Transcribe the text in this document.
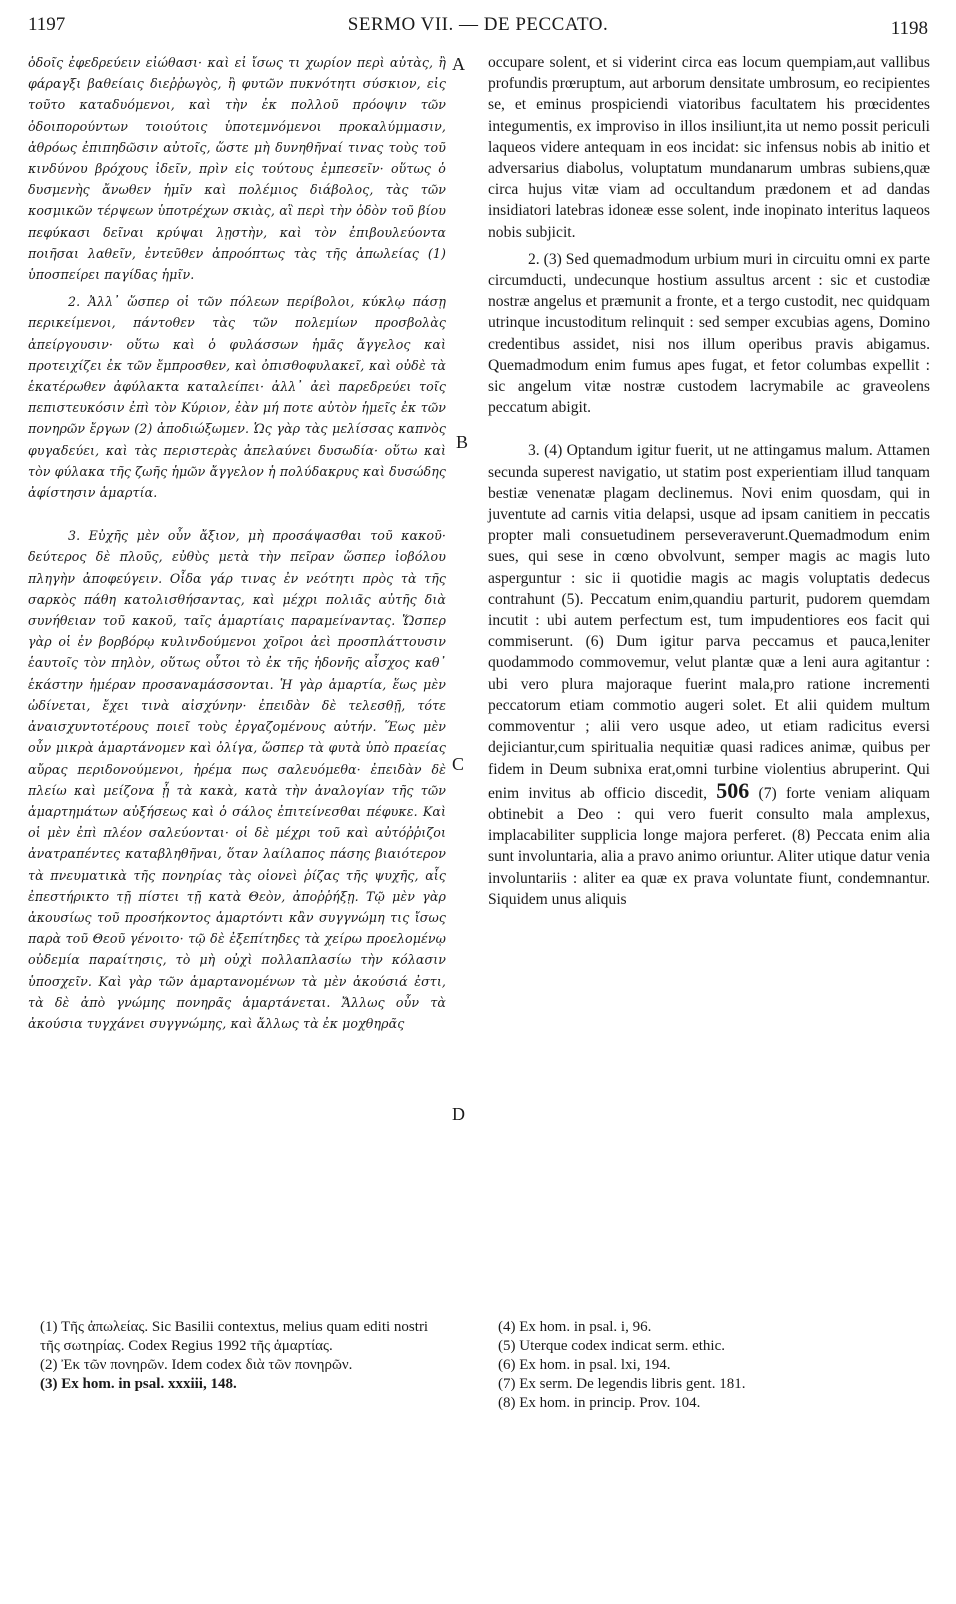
1197	SERMO VII. — DE PECCATO.	1198

ὁδοῖς ἐφεδρεύειν εἰώθασι· καὶ εἰ ἴσως τι χωρίον περὶ αὐτὰς, ἢ φάραγξι βαθείαις διεῤῥωγὸς, ἢ φυτῶν πυκνότητι σύσκιον, εἰς τοῦτο καταδυόμενοι, καὶ τὴν ἐκ πολλοῦ πρόοψιν τῶν ὁδοιπορούντων τοιούτοις ὑποτεμνόμενοι προκαλύμμασιν, ἀθρόως ἐπιπηδῶσιν αὐτοῖς, ὥστε μὴ δυνηθῆναί τινας τοὺς τοῦ κινδύνου βρόχους ἰδεῖν, πρὶν εἰς τούτους ἐμπεσεῖν· οὕτως ὁ δυσμενὴς ἄνωθεν ἡμῖν καὶ πολέμιος διάβολος, τὰς τῶν κοσμικῶν τέρψεων ὑποτρέχων σκιὰς, αἳ περὶ τὴν ὁδὸν τοῦ βίου πεφύκασι δεῖναι κρύψαι λῃστὴν, καὶ τὸν ἐπιβουλεύοντα ποιῆσαι λαθεῖν, ἐντεῦθεν ἀπροόπτως τὰς τῆς ἀπωλείας (1) ὑποσπείρει παγίδας ἡμῖν.

2. Ἀλλ᾽ ὥσπερ οἱ τῶν πόλεων περίβολοι, κύκλῳ πάσῃ περικείμενοι, πάντοθεν τὰς τῶν πολεμίων προσβολὰς ἀπείργουσιν· οὕτω καὶ ὁ φυλάσσων ἡμᾶς ἄγγελος καὶ προτειχίζει ἐκ τῶν ἔμπροσθεν, καὶ ὀπισθοφυλακεῖ, καὶ οὐδὲ τὰ ἑκατέρωθεν ἀφύλακτα καταλείπει· ἀλλ᾽ ἀεὶ παρεδρεύει τοῖς πεπιστευκόσιν ἐπὶ τὸν Κύριον, ἐὰν μή ποτε αὐτὸν ἡμεῖς ἐκ τῶν πονηρῶν ἔργων (2) ἀποδιώξωμεν. Ὡς γὰρ τὰς μελίσσας καπνὸς φυγαδεύει, καὶ τὰς περιστερὰς ἀπελαύνει δυσωδία· οὕτω καὶ τὸν φύλακα τῆς ζωῆς ἡμῶν ἄγγελον ἡ πολύδακρυς καὶ δυσώδης ἀφίστησιν ἁμαρτία.

3. Εὐχῆς μὲν οὖν ἄξιον, μὴ προσάψασθαι τοῦ κακοῦ· δεύτερος δὲ πλοῦς, εὐθὺς μετὰ τὴν πεῖραν ὥσπερ ἰοβόλου πληγὴν ἀποφεύγειν. Οἶδα γάρ τινας ἐν νεότητι πρὸς τὰ τῆς σαρκὸς πάθη κατολισθήσαντας, καὶ μέχρι πολιᾶς αὐτῆς διὰ συνήθειαν τοῦ κακοῦ, ταῖς ἁμαρτίαις παραμείναντας. Ὥσπερ γὰρ οἱ ἐν βορβόρῳ κυλινδούμενοι χοῖροι ἀεὶ προσπλάττουσιν ἑαυτοῖς τὸν πηλὸν, οὕτως οὗτοι τὸ ἐκ τῆς ἡδονῆς αἶσχος καθ᾽ ἑκάστην ἡμέραν προσαναμάσσονται. Ἡ γὰρ ἁμαρτία, ἕως μὲν ὠδίνεται, ἔχει τινὰ αἰσχύνην· ἐπειδὰν δὲ τελεσθῇ, τότε ἀναισχυντοτέρους ποιεῖ τοὺς ἐργαζομένους αὐτήν. Ἕως μὲν οὖν μικρὰ ἁμαρτάνομεν καὶ ὀλίγα, ὥσπερ τὰ φυτὰ ὑπὸ πραείας αὔρας περιδονούμενοι, ἠρέμα πως σαλευόμεθα· ἐπειδὰν δὲ πλείω καὶ μείζονα ᾖ τὰ κακὰ, κατὰ τὴν ἀναλογίαν τῆς τῶν ἁμαρτημάτων αὐξήσεως καὶ ὁ σάλος ἐπιτείνεσθαι πέφυκε. Καὶ οἱ μὲν ἐπὶ πλέον σαλεύονται· οἱ δὲ μέχρι τοῦ καὶ αὐτόῤῥιζοι ἀνατραπέντες καταβληθῆναι, ὅταν λαίλαπος πάσης βιαιότερον τὰ πνευματικὰ τῆς πονηρίας τὰς οἱονεὶ ῥίζας τῆς ψυχῆς, αἷς ἐπεστήρικτο τῇ πίστει τῇ κατὰ Θεὸν, ἀποῤῥήξῃ. Τῷ μὲν γὰρ ἀκουσίως τοῦ προσήκοντος ἁμαρτόντι κἂν συγγνώμη τις ἴσως παρὰ τοῦ Θεοῦ γένοιτο· τῷ δὲ ἐξεπίτηδες τὰ χείρω προελομένῳ οὐδεμία παραίτησις, τὸ μὴ οὐχὶ πολλαπλασίω τὴν κόλασιν ὑποσχεῖν. Καὶ γὰρ τῶν ἁμαρτανομένων τὰ μὲν ἀκούσιά ἐστι, τὰ δὲ ἀπὸ γνώμης πονηρᾶς ἁμαρτάνεται. Ἄλλως οὖν τὰ ἀκούσια τυγχάνει συγγνώμης, καὶ ἄλλως τὰ ἐκ μοχθηρᾶς

A
B
C
D

occupare solent, et si viderint circa eas locum quempiam,aut vallibus profundis prœruptum, aut arborum densitate umbrosum, eo recipientes se, et eminus prospiciendi viatoribus facultatem his prœcidentes integumentis, ex improviso in illos insiliunt,ita ut nemo possit periculi laqueos videre antequam in eos incidat: sic infensus nobis ab initio et adversarius diabolus, voluptatum mundanarum umbras subiens,quæ circa hujus vitæ viam ad occultandum prædonem et ad dandas insidiatori latebras idoneæ esse solent, inde inopinato interitus laqueos nobis subjicit.

2. (3) Sed quemadmodum urbium muri in circuitu omni ex parte circumducti, undecunque hostium assultus arcent : sic et custodiæ nostræ angelus et præmunit a fronte, et a tergo custodit, nec quidquam utrinque incustoditum relinquit : sed semper excubias agens, Domino credentibus assidet, nisi nos illum operibus pravis abigamus. Quemadmodum enim fumus apes fugat, et fetor columbas expellit : sic angelum vitæ nostræ custodem lacrymabile ac graveolens peccatum abigit.

3. (4) Optandum igitur fuerit, ut ne attingamus malum. Attamen secunda superest navigatio, ut statim post experientiam illud tanquam bestiæ venenatæ plagam declinemus. Novi enim quosdam, qui in juventute ad carnis vitia delapsi, usque ad ipsam canitiem in peccatis propter mali consuetudinem perseveraverunt.Quemadmodum enim sues, qui sese in cœno obvolvunt, semper magis ac magis luto asperguntur : sic ii quotidie magis ac magis voluptatis dedecus contrahunt (5). Peccatum enim,quandiu parturit, pudorem quemdam incutit : ubi autem perfectum est, tum impudentiores eos facit qui commiserunt. (6) Dum igitur parva peccamus et pauca,leniter quodammodo commovemur, velut plantæ quæ a leni aura agitantur : ubi vero plura majoraque fuerint mala,pro ratione incrementi peccatorum etiam commotio augeri solet. Et alii quidem multum commoventur ; alii vero usque adeo, ut etiam radicitus eversi dejiciantur,cum spiritualia nequitiæ quasi radices animæ, quibus per fidem in Deum subnixa erat,omni turbine violentius abruperint. Qui enim invitus ab officio discedit, 506 (7) forte veniam aliquam obtinebit a Deo : qui vero fuerit consulto mala amplexus, implacabiliter supplicia longe majora perferet. (8) Peccata enim alia sunt involuntaria, alia a pravo animo oriuntur. Aliter utique datur venia involuntariis : aliter ea quæ ex prava voluntate fiunt, condemnantur. Siquidem unus aliquis

(1) Τῆς ἀπωλείας. Sic Basilii contextus, melius quam editi nostri τῆς σωτηρίας. Codex Regius 1992 τῆς ἁμαρτίας.

(2) Ἐκ τῶν πονηρῶν. Idem codex διὰ τῶν πονηρῶν.

(3) Ex hom. in psal. xxxiii, 148.

(4) Ex hom. in psal. i, 96.

(5) Uterque codex indicat serm. ethic.

(6) Ex hom. in psal. lxi, 194.

(7) Ex serm. De legendis libris gent. 181.

(8) Ex hom. in princip. Prov. 104.
